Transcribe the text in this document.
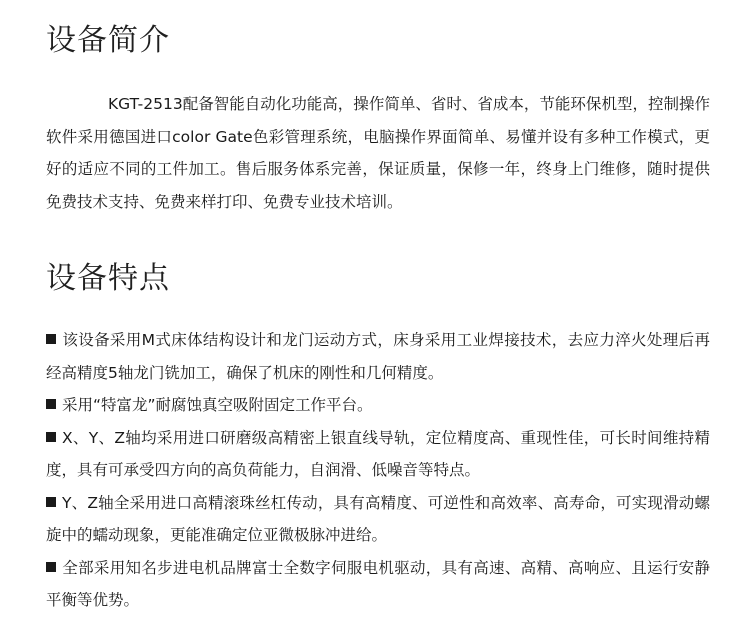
设备简介

KGT-2513配备智能自动化功能高，操作简单、省时、省成本，节能环保机型，控制操作软件采用德国进口color Gate色彩管理系统，电脑操作界面简单、易懂并设有多种工作模式，更好的适应不同的工件加工。售后服务体系完善，保证质量，保修一年，终身上门维修，随时提供免费技术支持、免费来样打印、免费专业技术培训。

设备特点
该设备采用M式床体结构设计和龙门运动方式，床身采用工业焊接技术，去应力淬火处理后再经高精度5轴龙门铣加工，确保了机床的刚性和几何精度。
采用“特富龙”耐腐蚀真空吸附固定工作平台。
X、Y、Z轴均采用进口研磨级高精密上银直线导轨，定位精度高、重现性佳，可长时间维持精度，具有可承受四方向的高负荷能力，自润滑、低噪音等特点。
Y、Z轴全采用进口高精滚珠丝杠传动，具有高精度、可逆性和高效率、高寿命，可实现滑动螺旋中的蠕动现象，更能准确定位亚微极脉冲进给。
全部采用知名步进电机品牌富士全数字伺服电机驱动，具有高速、高精、高响应、且运行安静平衡等优势。
